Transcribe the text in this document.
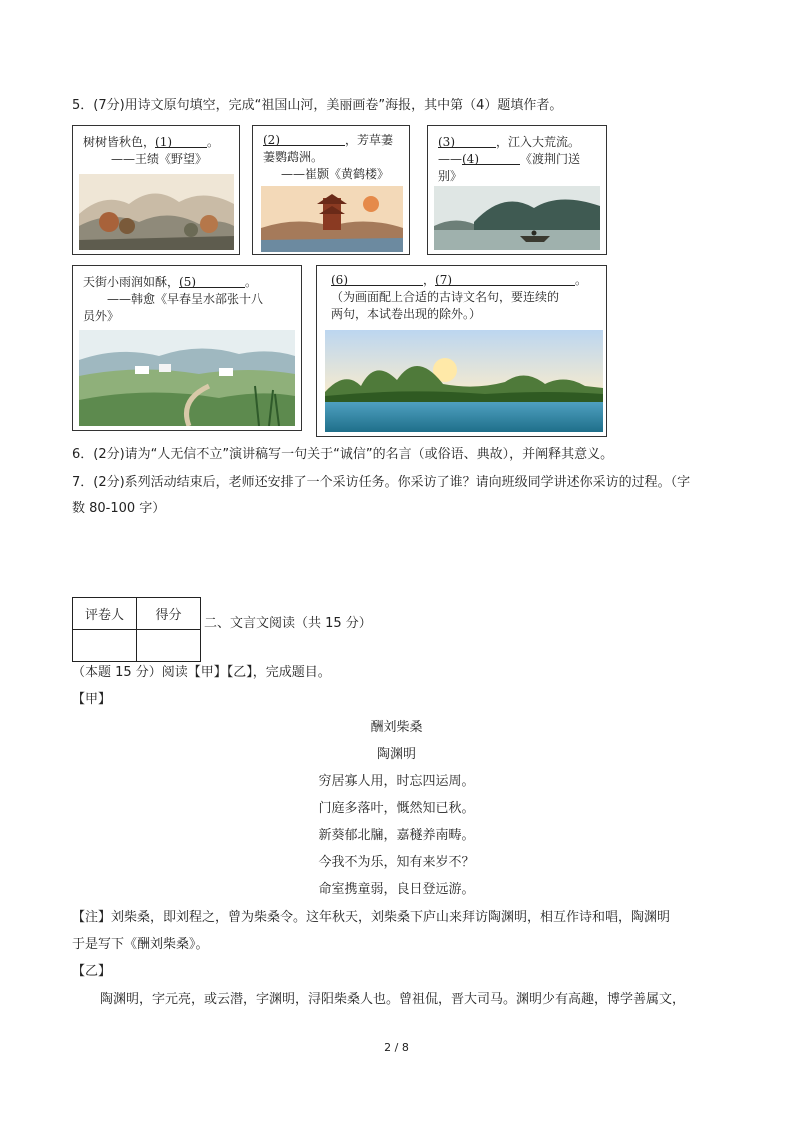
5．(7分)用诗文原句填空，完成“祖国山河，美丽画卷”海报，其中第（4）题填作者。
树树皆秋色，(1)	。
——王绩《野望》
(2)	，芳草萋
萋鹦鹉洲。
——崔颢《黄鹤楼》
(3)	，江入大荒流。
——(4)	《渡荆门送
别》
天街小雨润如酥，(5)	。
——韩愈《早春呈水部张十八
员外》
(6)	，(7)	。
（为画面配上合适的古诗文名句，要连续的
两句，本试卷出现的除外。）
6．(2分)请为“人无信不立”演讲稿写一句关于“诚信”的名言（或俗语、典故），并阐释其意义。
7．(2分)系列活动结束后，老师还安排了一个采访任务。你采访了谁？请向班级同学讲述你采访的过程。（字
数 80-100 字）
评卷人	得分

二、文言文阅读（共 15 分）
（本题 15 分）阅读【甲】【乙】，完成题目。
【甲】
酬刘柴桑
陶渊明
穷居寡人用，时忘四运周。
门庭多落叶，慨然知已秋。
新葵郁北牖，嘉穟养南畴。
今我不为乐，知有来岁不？
命室携童弱，良日登远游。
【注】刘柴桑，即刘程之，曾为柴桑令。这年秋天，刘柴桑下庐山来拜访陶渊明，相互作诗和唱，陶渊明
于是写下《酬刘柴桑》。
【乙】
陶渊明，字元亮，或云潜，字渊明，浔阳柴桑人也。曾祖侃，晋大司马。渊明少有高趣，博学善属文，
2 / 8
